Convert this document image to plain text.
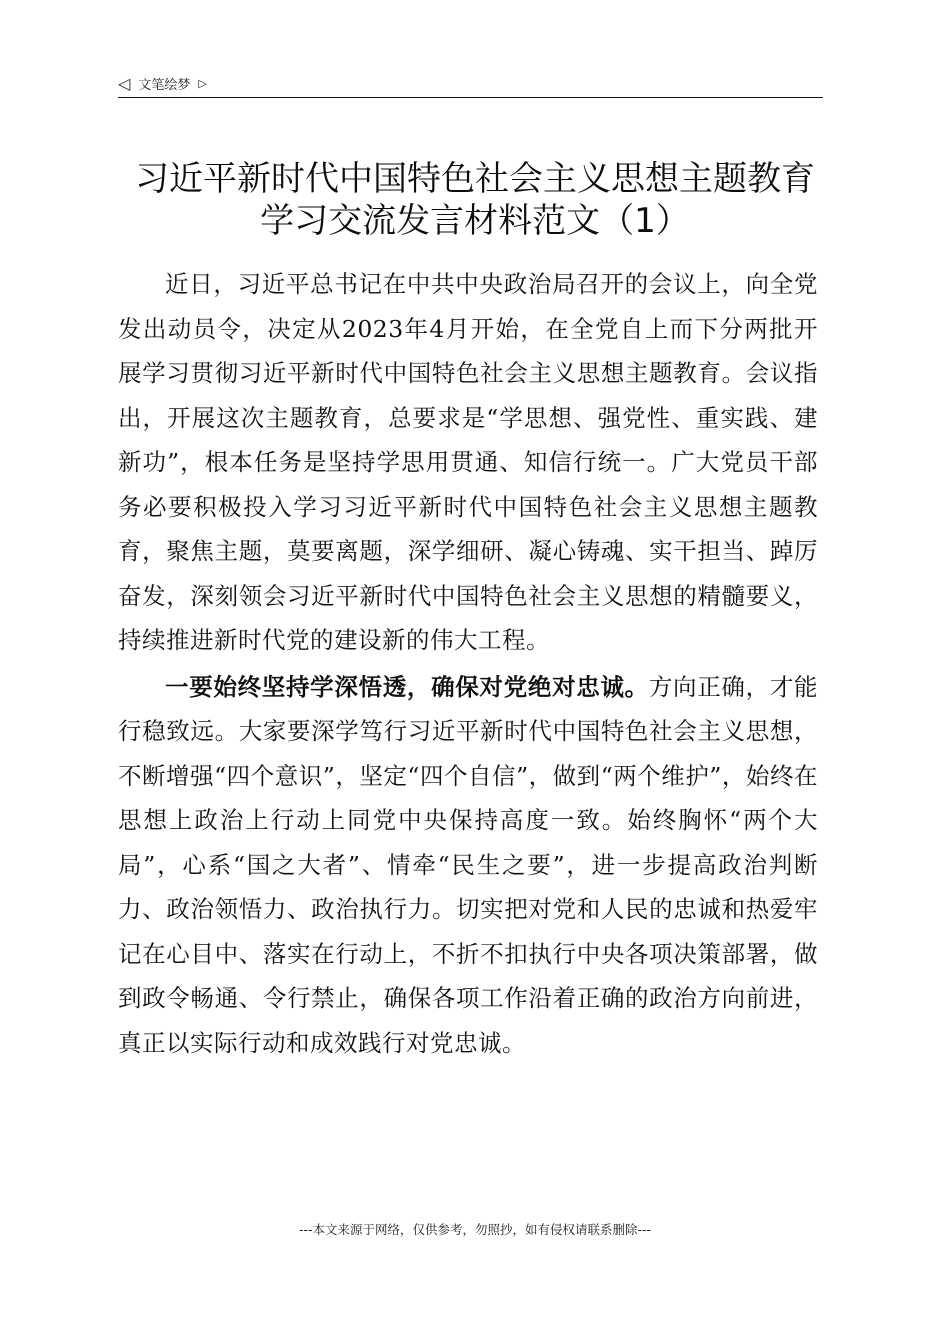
◁ 文笔绘梦 ▷
习近平新时代中国特色社会主义思想主题教育
学习交流发言材料范文（1）

近日，习近平总书记在中共中央政治局召开的会议上，向全党发出动员令，决定从2023年4月开始，在全党自上而下分两批开展学习贯彻习近平新时代中国特色社会主义思想主题教育。会议指出，开展这次主题教育，总要求是“学思想、强党性、重实践、建新功”，根本任务是坚持学思用贯通、知信行统一。广大党员干部务必要积极投入学习习近平新时代中国特色社会主义思想主题教育，聚焦主题，莫要离题，深学细研、凝心铸魂、实干担当、踔厉奋发，深刻领会习近平新时代中国特色社会主义思想的精髓要义，持续推进新时代党的建设新的伟大工程。

一要始终坚持学深悟透，确保对党绝对忠诚。方向正确，才能行稳致远。大家要深学笃行习近平新时代中国特色社会主义思想，不断增强“四个意识”，坚定“四个自信”，做到“两个维护”，始终在思想上政治上行动上同党中央保持高度一致。始终胸怀“两个大局”，心系“国之大者”、情牵“民生之要”，进一步提高政治判断力、政治领悟力、政治执行力。切实把对党和人民的忠诚和热爱牢记在心目中、落实在行动上，不折不扣执行中央各项决策部署，做到政令畅通、令行禁止，确保各项工作沿着正确的政治方向前进，真正以实际行动和成效践行对党忠诚。

---本文来源于网络，仅供参考，勿照抄，如有侵权请联系删除---
